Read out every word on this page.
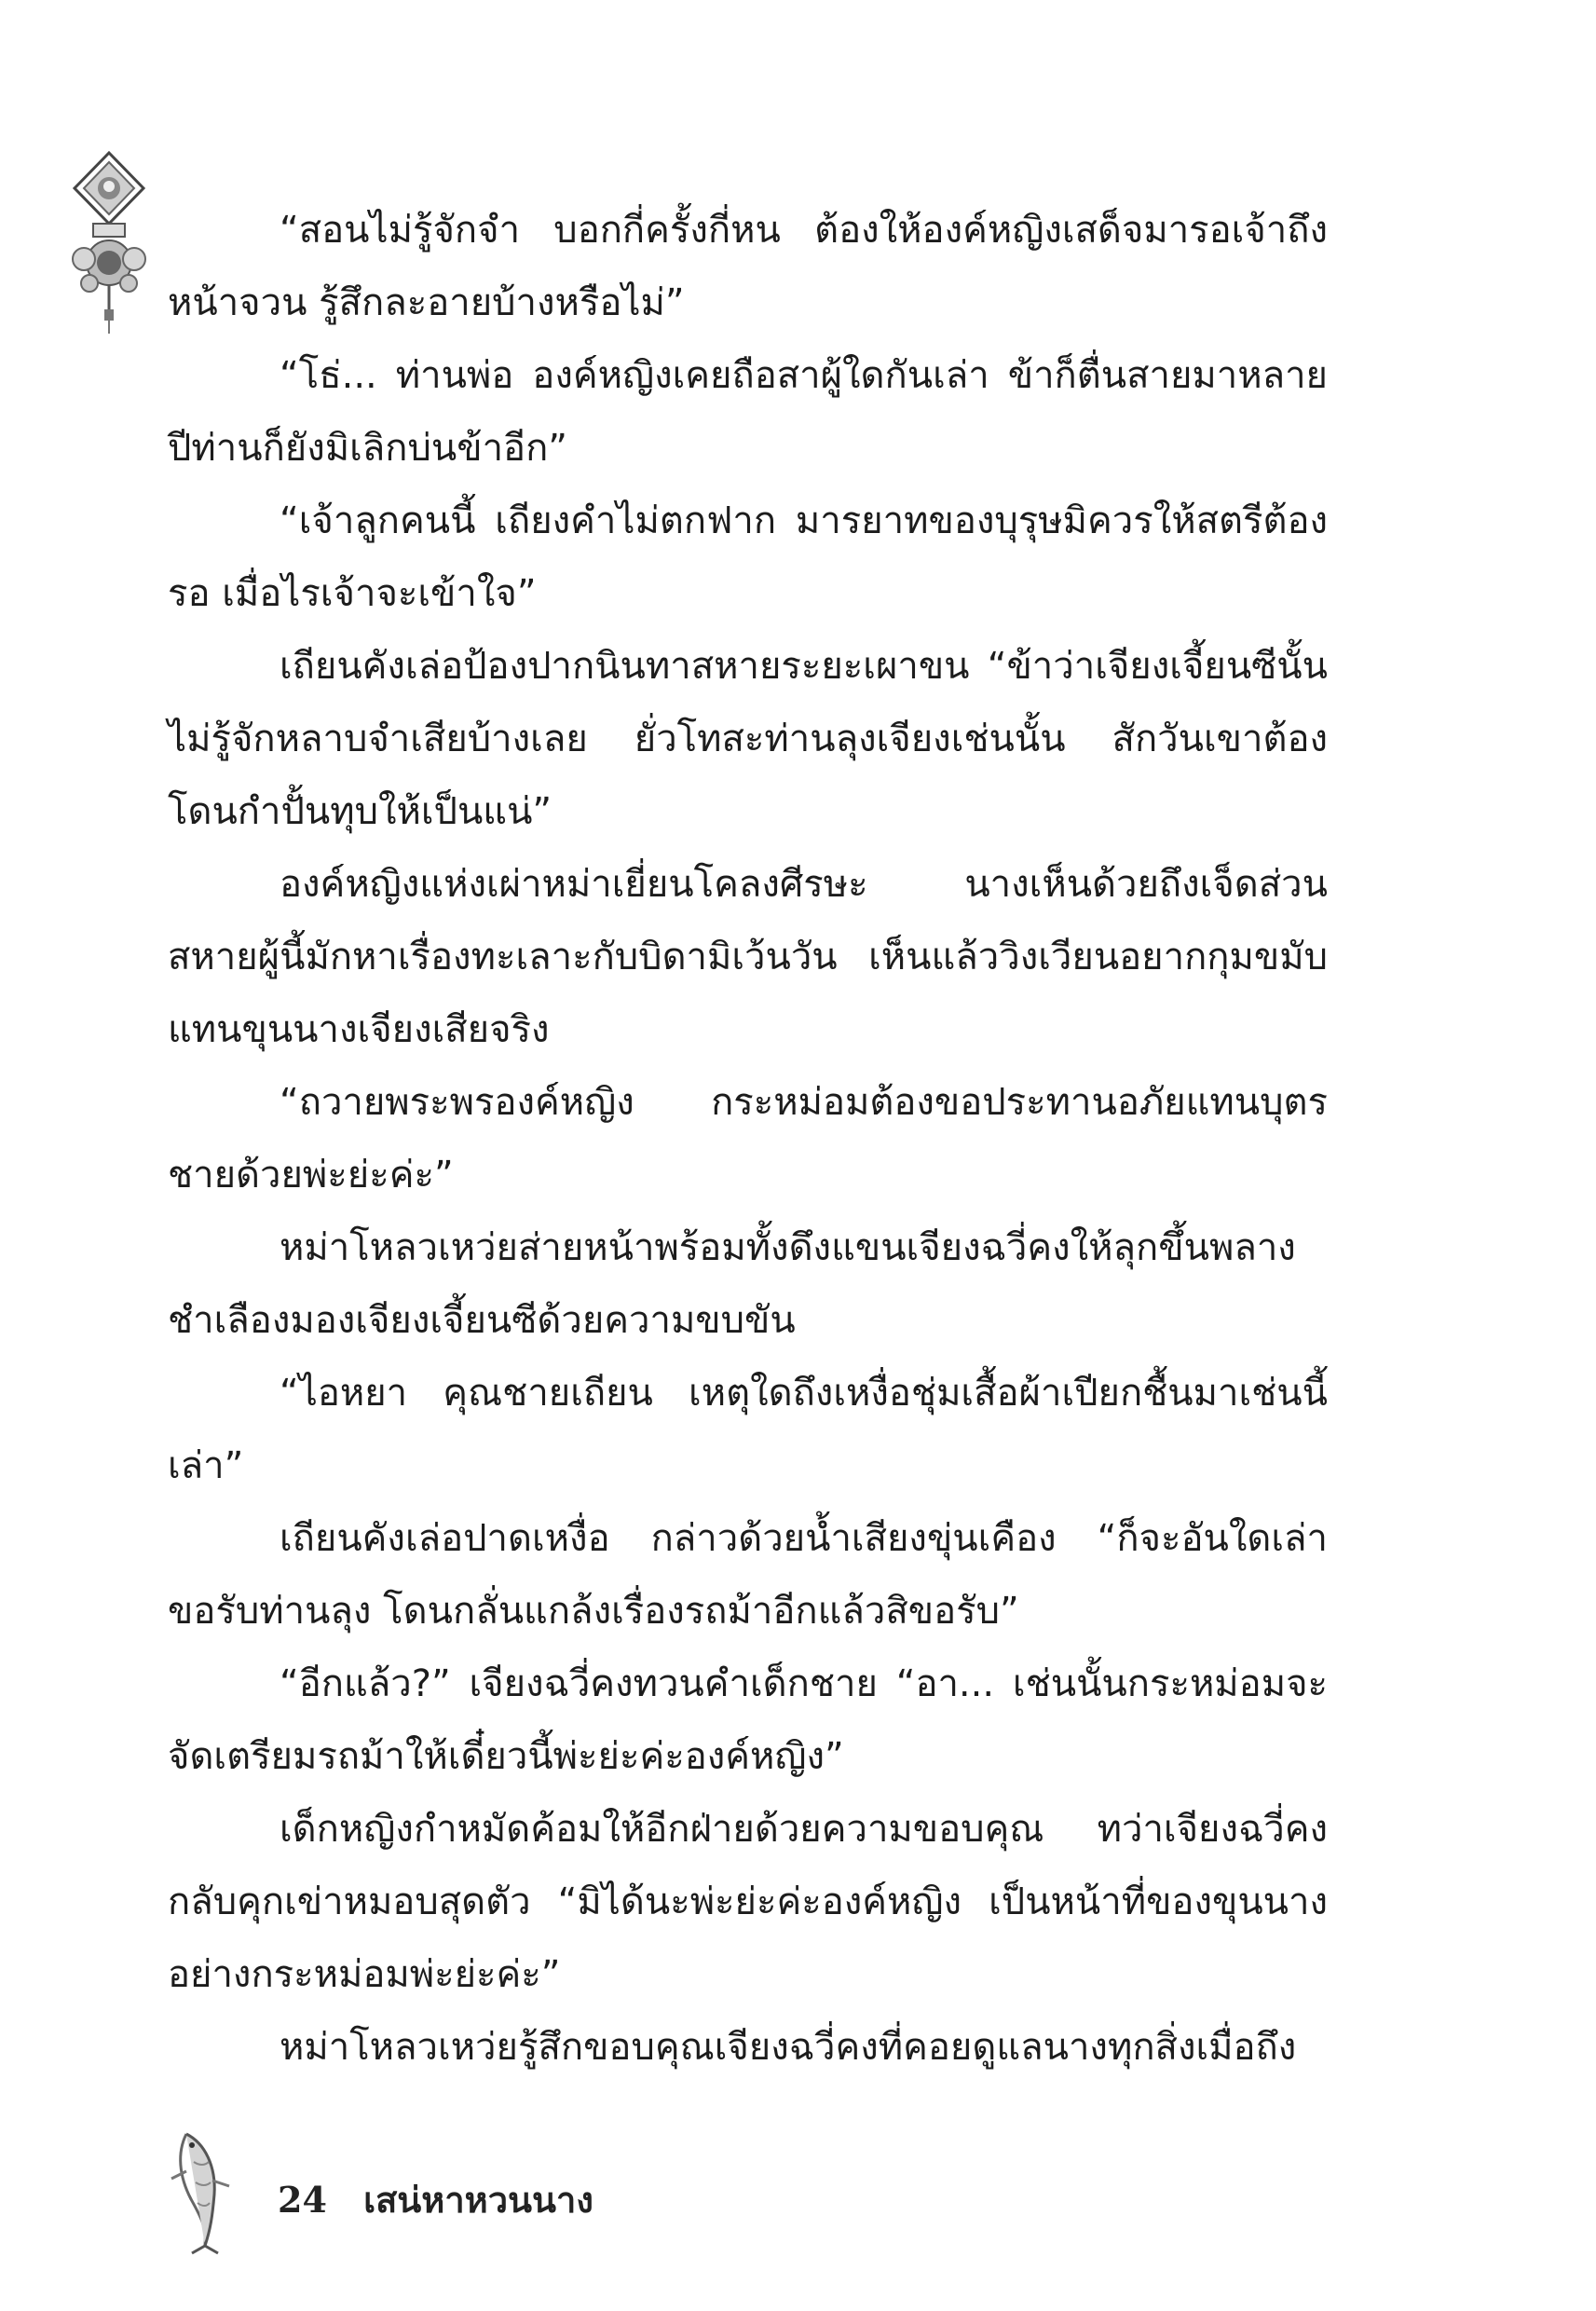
“สอนไม่รู้จักจำ บอกกี่ครั้งกี่หน ต้องให้องค์หญิงเสด็จมารอเจ้าถึงหน้าจวน รู้สึกละอายบ้างหรือไม่”

“โธ่... ท่านพ่อ องค์หญิงเคยถือสาผู้ใดกันเล่า ข้าก็ตื่นสายมาหลายปีท่านก็ยังมิเลิกบ่นข้าอีก”

“เจ้าลูกคนนี้ เถียงคำไม่ตกฟาก มารยาทของบุรุษมิควรให้สตรีต้องรอ เมื่อไรเจ้าจะเข้าใจ”

เถียนคังเล่อป้องปากนินทาสหายระยะเผาขน “ข้าว่าเจียงเจี้ยนซีนั้นไม่รู้จักหลาบจำเสียบ้างเลย ยั่วโทสะท่านลุงเจียงเช่นนั้น สักวันเขาต้องโดนกำปั้นทุบให้เป็นแน่”

องค์หญิงแห่งเผ่าหม่าเยี่ยนโคลงศีรษะ นางเห็นด้วยถึงเจ็ดส่วน สหายผู้นี้มักหาเรื่องทะเลาะกับบิดามิเว้นวัน เห็นแล้ววิงเวียนอยากกุมขมับแทนขุนนางเจียงเสียจริง

“ถวายพระพรองค์หญิง กระหม่อมต้องขอประทานอภัยแทนบุตรชายด้วยพ่ะย่ะค่ะ”

หม่าโหลวเหว่ยส่ายหน้าพร้อมทั้งดึงแขนเจียงฉวี่คงให้ลุกขึ้นพลางชำเลืองมองเจียงเจี้ยนซีด้วยความขบขัน

“ไอหยา คุณชายเถียน เหตุใดถึงเหงื่อชุ่มเสื้อผ้าเปียกชื้นมาเช่นนี้เล่า”

เถียนคังเล่อปาดเหงื่อ กล่าวด้วยน้ำเสียงขุ่นเคือง “ก็จะอันใดเล่าขอรับท่านลุง โดนกลั่นแกล้งเรื่องรถม้าอีกแล้วสิขอรับ”

“อีกแล้ว?” เจียงฉวี่คงทวนคำเด็กชาย “อา... เช่นนั้นกระหม่อมจะจัดเตรียมรถม้าให้เดี๋ยวนี้พ่ะย่ะค่ะองค์หญิง”

เด็กหญิงกำหมัดค้อมให้อีกฝ่ายด้วยความขอบคุณ ทว่าเจียงฉวี่คงกลับคุกเข่าหมอบสุดตัว “มิได้นะพ่ะย่ะค่ะองค์หญิง เป็นหน้าที่ของขุนนางอย่างกระหม่อมพ่ะย่ะค่ะ”

หม่าโหลวเหว่ยรู้สึกขอบคุณเจียงฉวี่คงที่คอยดูแลนางทุกสิ่งเมื่อถึง

24 เสน่หาหวนนาง
